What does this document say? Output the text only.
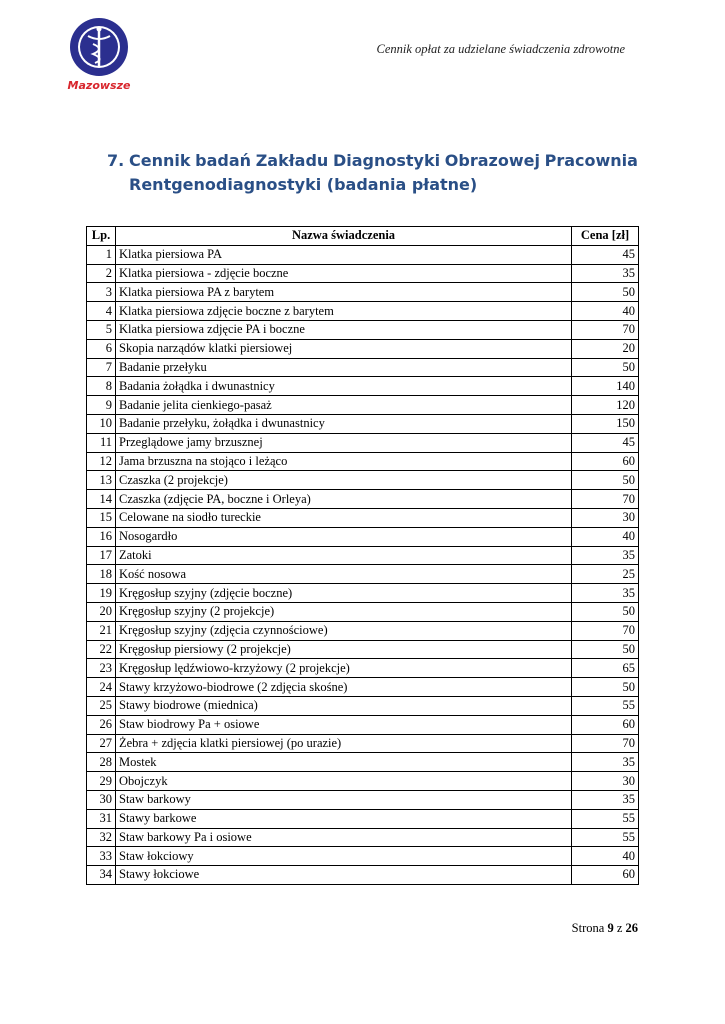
Mazowsze
Cennik opłat za udzielane świadczenia zdrowotne
7. Cennik badań Zakładu Diagnostyki Obrazowej Pracownia
Rentgenodiagnostyki (badania płatne)
Lp.	Nazwa świadczenia	Cena [zł]
1	Klatka piersiowa PA	45
2	Klatka piersiowa - zdjęcie boczne	35
3	Klatka piersiowa PA z barytem	50
4	Klatka piersiowa zdjęcie boczne z barytem	40
5	Klatka piersiowa zdjęcie PA i boczne	70
6	Skopia narządów klatki piersiowej	20
7	Badanie przełyku	50
8	Badania żołądka i dwunastnicy	140
9	Badanie jelita cienkiego-pasaż	120
10	Badanie przełyku, żołądka i dwunastnicy	150
11	Przeglądowe jamy brzusznej	45
12	Jama brzuszna na stojąco i leżąco	60
13	Czaszka (2 projekcje)	50
14	Czaszka (zdjęcie PA, boczne i Orleya)	70
15	Celowane na siodło tureckie	30
16	Nosogardło	40
17	Zatoki	35
18	Kość nosowa	25
19	Kręgosłup szyjny (zdjęcie boczne)	35
20	Kręgosłup szyjny (2 projekcje)	50
21	Kręgosłup szyjny (zdjęcia czynnościowe)	70
22	Kręgosłup piersiowy (2 projekcje)	50
23	Kręgosłup lędźwiowo-krzyżowy (2 projekcje)	65
24	Stawy krzyżowo-biodrowe (2 zdjęcia skośne)	50
25	Stawy biodrowe (miednica)	55
26	Staw biodrowy Pa + osiowe	60
27	Żebra + zdjęcia klatki piersiowej (po urazie)	70
28	Mostek	35
29	Obojczyk	30
30	Staw barkowy	35
31	Stawy barkowe	55
32	Staw barkowy Pa i osiowe	55
33	Staw łokciowy	40
34	Stawy łokciowe	60
Strona 9 z 26
